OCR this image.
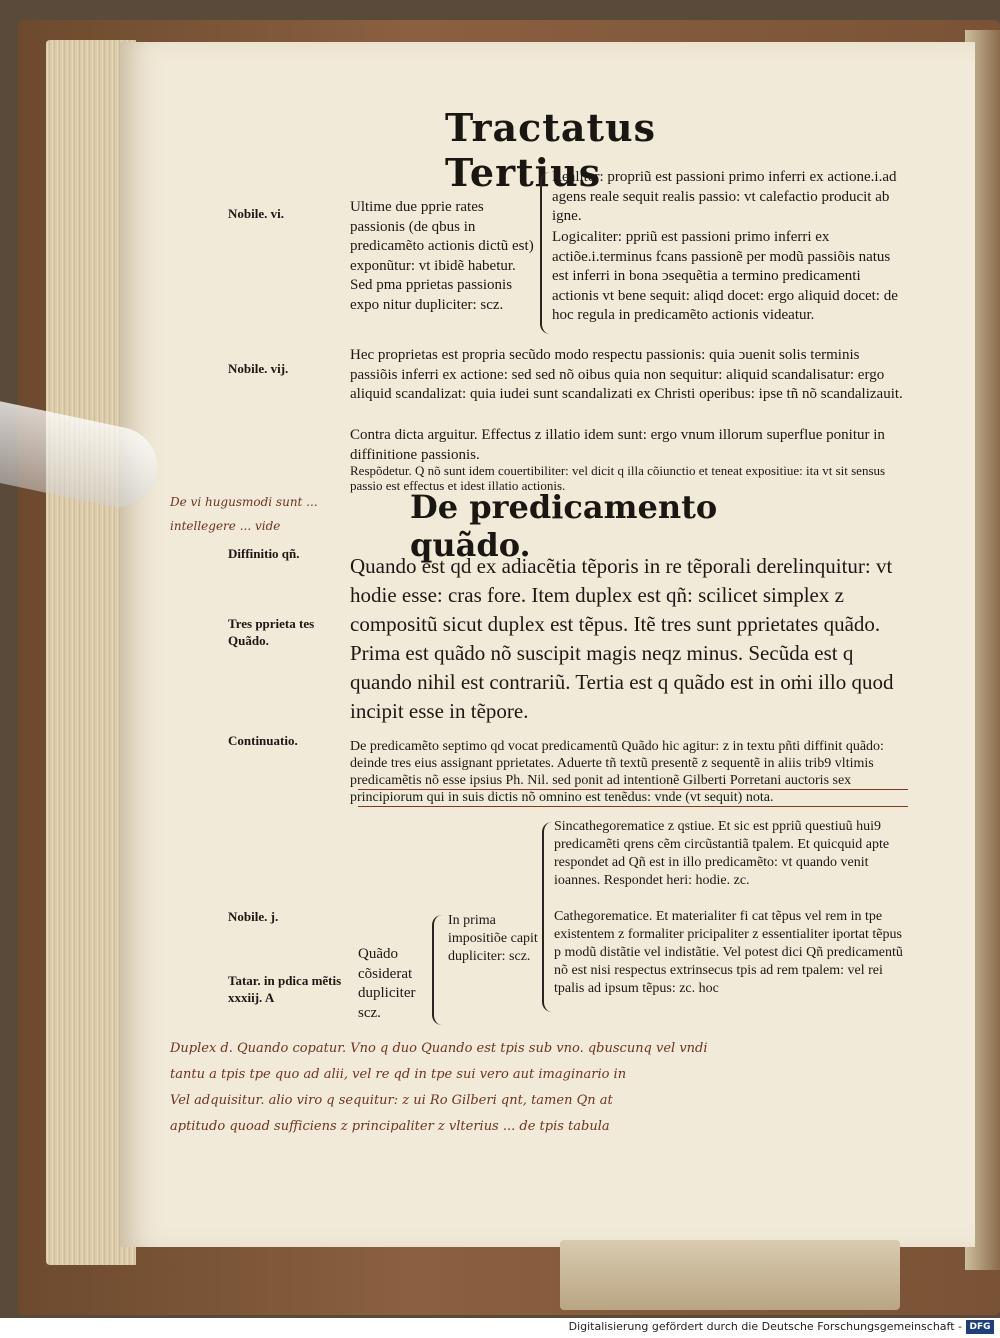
Tractatus Tertius
Nobile. vi.
Nobile. vij.
Diffinitio qñ.
Tres pprieta tes Quãdo.
Continuatio.
Nobile. j.
Tatar. in pdica mẽtis xxxiij. A
Ultime due pprie rates passionis (de qbus in predicamẽto actionis dictũ est) exponũtur: vt ibidẽ habetur. Sed pma pprietas passionis expo nitur dupliciter: scz.
Realiter: propriũ est passioni primo inferri ex actione.i.ad agens reale sequit realis passio: vt calefactio producit ab igne.
Logicaliter: ppriũ est passioni primo inferri ex actiõe.i.terminus fcans passionẽ per modũ passiõis natus est inferri in bona ↄsequẽtia a termino predicamenti actionis vt bene sequit: aliqd docet: ergo aliquid docet: de hoc regula in predicamẽto actionis videatur.
Hec proprietas est propria secũdo modo respectu passionis: quia ↄuenit solis terminis passiõis inferri ex actione: sed sed nõ oibus quia non sequitur: aliquid scandalisatur: ergo aliquid scandalizat: quia iudei sunt scandalizati ex Christi operibus: ipse tñ nõ scandalizauit.
Contra dicta arguitur. Effectus z illatio idem sunt: ergo vnum illorum superflue ponitur in diffinitione passionis.
Respõdetur. Q nõ sunt idem couertibiliter: vel dicit q illa cõiunctio et teneat expositiue: ita vt sit sensus passio est effectus et idest illatio actionis.
De predicamento quãdo.
Quando est qd ex adiacẽtia tẽporis in re tẽporali derelinquitur: vt hodie esse: cras fore. Item duplex est qñ: scilicet simplex z compositũ sicut duplex est tẽpus. Itẽ tres sunt pprietates quãdo. Prima est quãdo nõ suscipit magis neqz minus. Secũda est q quando nihil est contrariũ. Tertia est q quãdo est in oṁi illo quod incipit esse in tẽpore.
De predicamẽto septimo qd vocat predicamentũ Quãdo hic agitur: z in textu pñti diffinit quãdo: deinde tres eius assignant pprietates. Aduerte tñ textũ presentẽ z sequentẽ in aliis trib9 vltimis predicamẽtis nõ esse ipsius Ph. Nil. sed ponit ad intentionẽ Gilberti Porretani auctoris sex principiorum qui in suis dictis nõ omnino est tenẽdus: vnde (vt sequit) nota.
Quãdo cõsiderat dupliciter scz.
In prima impositiõe capit dupliciter: scz.
Sincathegorematice z qstiue. Et sic est ppriũ questiuũ hui9 predicamẽti qrens cẽm circũstantiã tpalem. Et quicquid apte respondet ad Qñ est in illo predicamẽto: vt quando venit ioannes. Respondet heri: hodie. zc.
Cathegorematice. Et materialiter fi cat tẽpus vel rem in tpe existentem z formaliter pricipaliter z essentialiter iportat tẽpus p modũ distãtie vel indistãtie. Vel potest dici Qñ predicamentũ nõ est nisi respectus extrinsecus tpis ad rem tpalem: vel rei tpalis ad ipsum tẽpus: zc. hoc
De vi hugusmodi sunt ... intellegere ... vide
Duplex d. Quando copatur. Vno q duo Quando est tpis sub vno. qbuscunq vel vndi
tantu a tpis tpe quo ad alii, vel re qd in tpe sui vero aut imaginario in
Vel adquisitur. alio viro q sequitur: z ui Ro Gilberi qnt, tamen Qn at
aptitudo quoad sufficiens z principaliter z vlterius ... de tpis tabula
Digitalisierung gefördert durch die Deutsche Forschungsgemeinschaft - DFG
